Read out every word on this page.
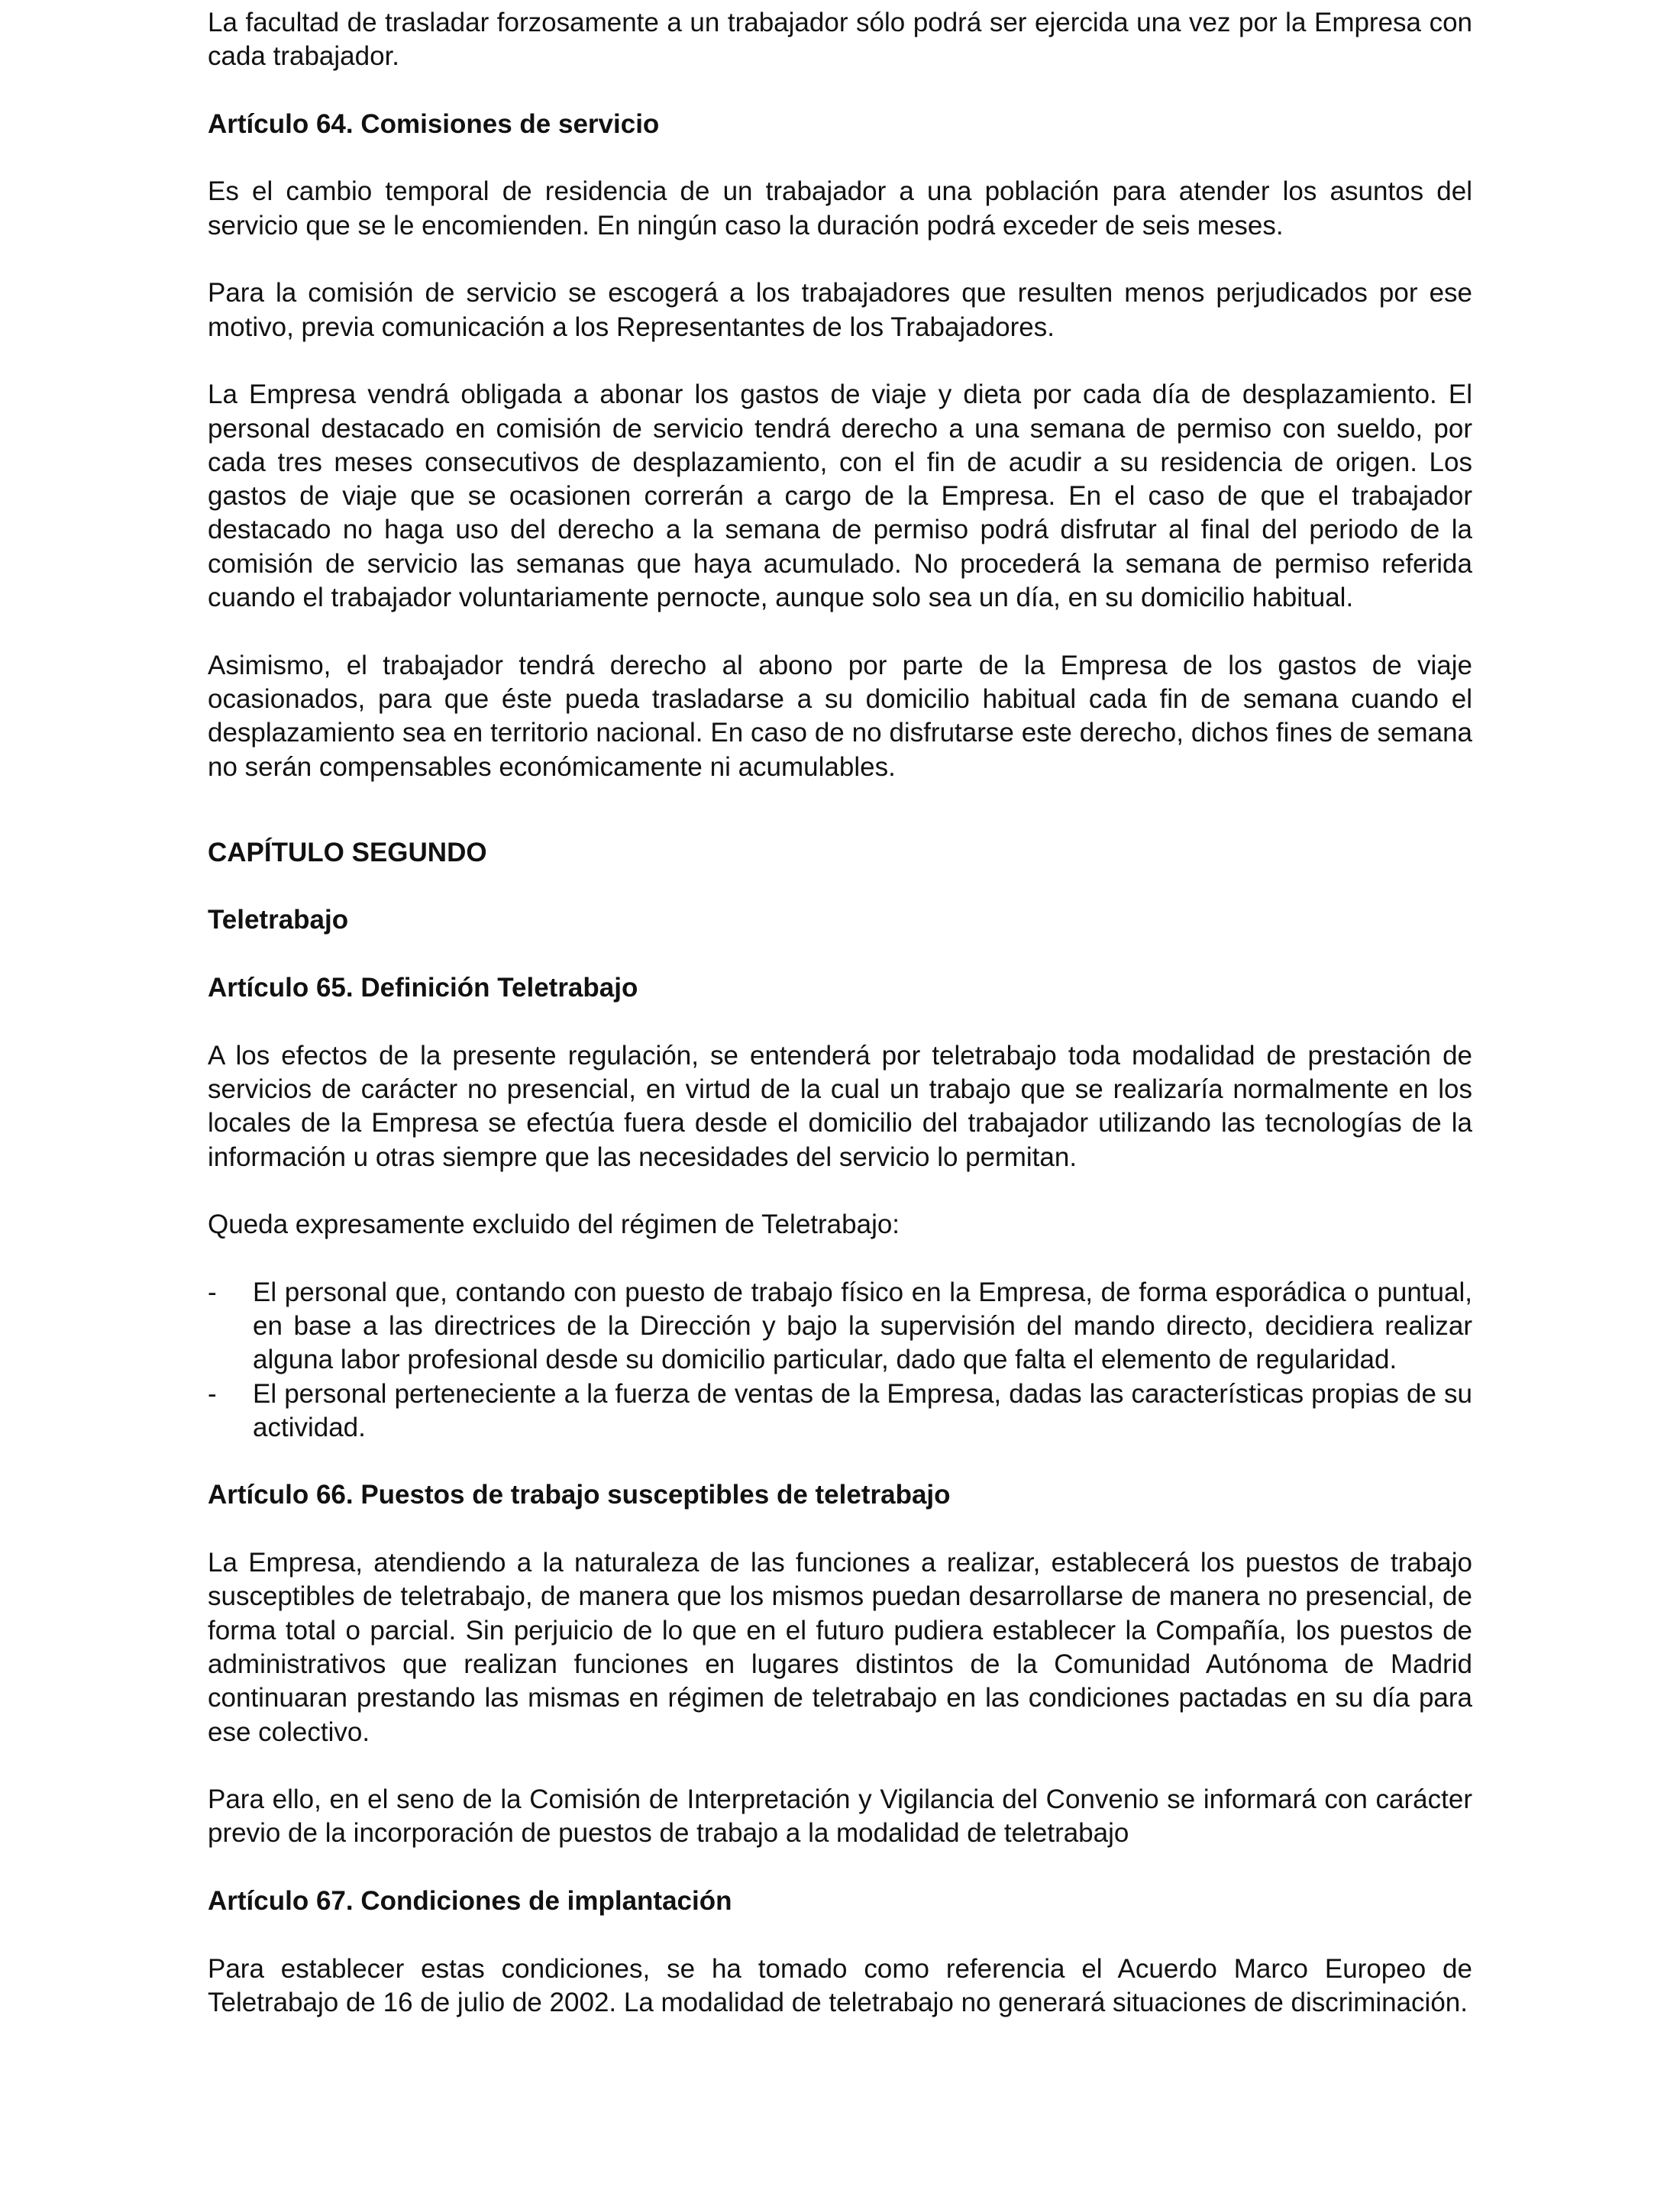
La facultad de trasladar forzosamente a un trabajador sólo podrá ser ejercida una vez por la Empresa con cada trabajador.

Artículo 64. Comisiones de servicio

Es el cambio temporal de residencia de un trabajador a una población para atender los asuntos del servicio que se le encomienden. En ningún caso la duración podrá exceder de seis meses.

Para la comisión de servicio se escogerá a los trabajadores que resulten menos perjudicados por ese motivo, previa comunicación a los Representantes de los Trabajadores.

La Empresa vendrá obligada a abonar los gastos de viaje y dieta por cada día de desplazamiento. El personal destacado en comisión de servicio tendrá derecho a una semana de permiso con sueldo, por cada tres meses consecutivos de desplazamiento, con el fin de acudir a su residencia de origen. Los gastos de viaje que se ocasionen correrán a cargo de la Empresa. En el caso de que el trabajador destacado no haga uso del derecho a la semana de permiso podrá disfrutar al final del periodo de la comisión de servicio las semanas que haya acumulado. No procederá la semana de permiso referida cuando el trabajador voluntariamente pernocte, aunque solo sea un día, en su domicilio habitual.

Asimismo, el trabajador tendrá derecho al abono por parte de la Empresa de los gastos de viaje ocasionados, para que éste pueda trasladarse a su domicilio habitual cada fin de semana cuando el desplazamiento sea en territorio nacional. En caso de no disfrutarse este derecho, dichos fines de semana no serán compensables económicamente ni acumulables.

CAPÍTULO SEGUNDO

Teletrabajo

Artículo 65. Definición Teletrabajo

A los efectos de la presente regulación, se entenderá por teletrabajo toda modalidad de prestación de servicios de carácter no presencial, en virtud de la cual un trabajo que se realizaría normalmente en los locales de la Empresa se efectúa fuera desde el domicilio del trabajador utilizando las tecnologías de la información u otras siempre que las necesidades del servicio lo permitan.

Queda expresamente excluido del régimen de Teletrabajo:

- El personal que, contando con puesto de trabajo físico en la Empresa, de forma esporádica o puntual, en base a las directrices de la Dirección y bajo la supervisión del mando directo, decidiera realizar alguna labor profesional desde su domicilio particular, dado que falta el elemento de regularidad.
- El personal perteneciente a la fuerza de ventas de la Empresa, dadas las características propias de su actividad.
Artículo 66. Puestos de trabajo susceptibles de teletrabajo

La Empresa, atendiendo a la naturaleza de las funciones a realizar, establecerá los puestos de trabajo susceptibles de teletrabajo, de manera que los mismos puedan desarrollarse de manera no presencial, de forma total o parcial. Sin perjuicio de lo que en el futuro pudiera establecer la Compañía, los puestos de administrativos que realizan funciones en lugares distintos de la Comunidad Autónoma de Madrid continuaran prestando las mismas en régimen de teletrabajo en las condiciones pactadas en su día para ese colectivo.

Para ello, en el seno de la Comisión de Interpretación y Vigilancia del Convenio se informará con carácter previo de la incorporación de puestos de trabajo a la modalidad de teletrabajo

Artículo 67. Condiciones de implantación

Para establecer estas condiciones, se ha tomado como referencia el Acuerdo Marco Europeo de Teletrabajo de 16 de julio de 2002. La modalidad de teletrabajo no generará situaciones de discriminación.
